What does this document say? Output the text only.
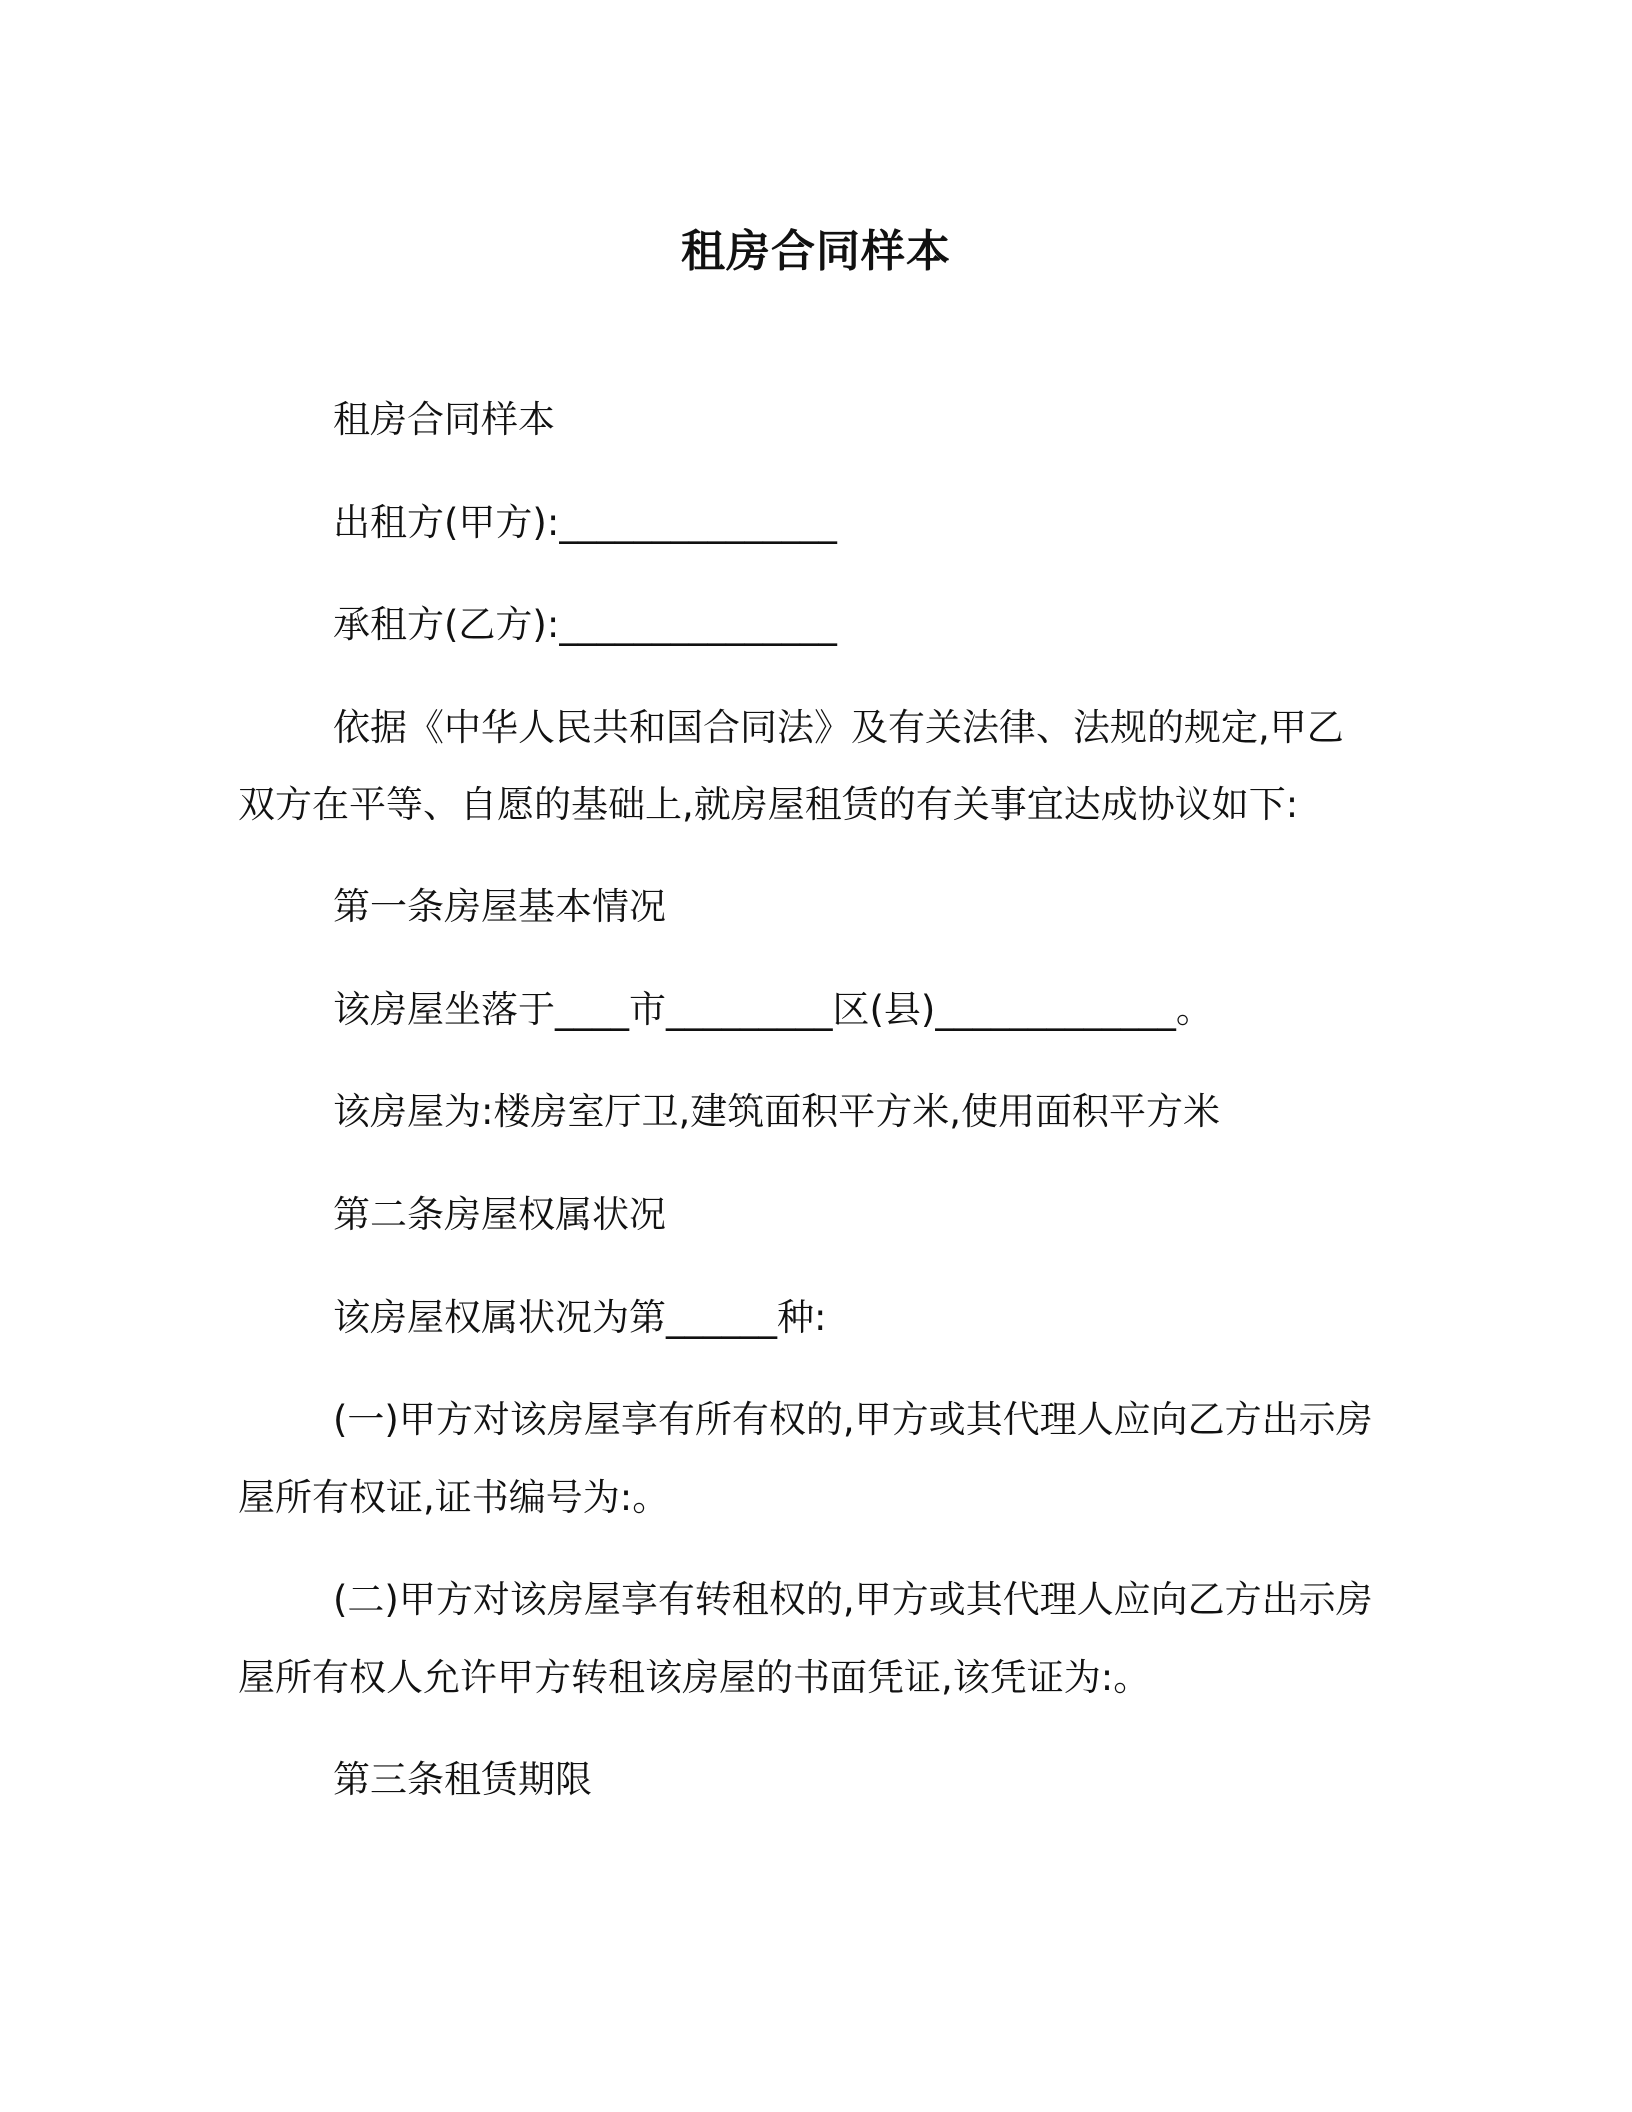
租房合同样本
租房合同样本
出租方(甲方):_______________
承租方(乙方):_______________
依据《中华人民共和国合同法》及有关法律、法规的规定,甲乙
双方在平等、自愿的基础上,就房屋租赁的有关事宜达成协议如下:
第一条房屋基本情况
该房屋坐落于____市_________区(县)_____________。
该房屋为:楼房室厅卫,建筑面积平方米,使用面积平方米
第二条房屋权属状况
该房屋权属状况为第______种:
(一)甲方对该房屋享有所有权的,甲方或其代理人应向乙方出示房
屋所有权证,证书编号为:。
(二)甲方对该房屋享有转租权的,甲方或其代理人应向乙方出示房
屋所有权人允许甲方转租该房屋的书面凭证,该凭证为:。
第三条租赁期限
